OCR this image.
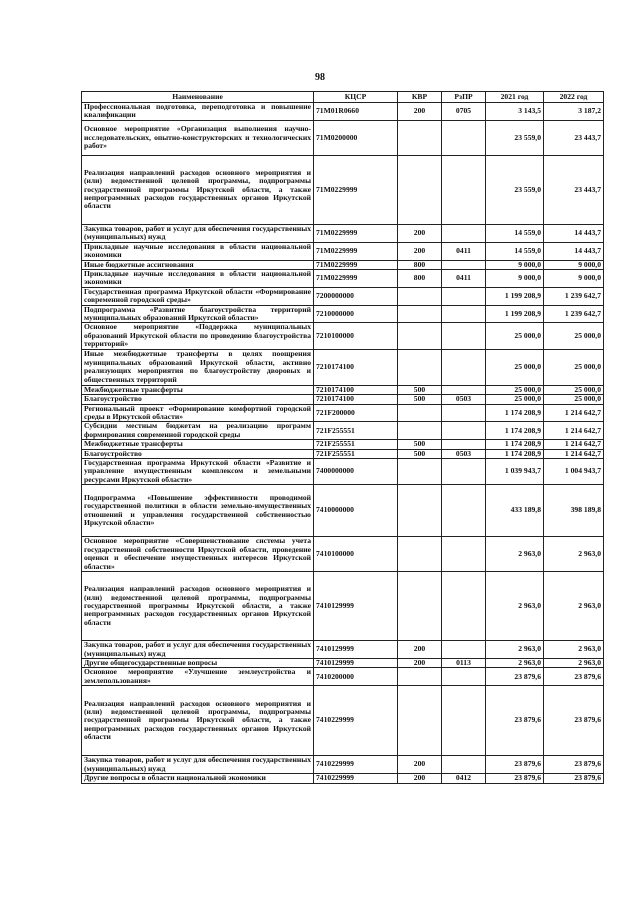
98
Наименование	КЦСР	КВР	РзПР	2021 год	2022 год
Профессиональная подготовка, переподготовка и повышение квалификации	71M01R0660	200	0705	3 143,5	3 187,2
Основное мероприятие «Организация выполнения научно-исследовательских, опытно-конструкторских и технологических работ»	71M0200000			23 559,0	23 443,7
Реализация направлений расходов основного мероприятия и (или) ведомственной целевой программы, подпрограммы государственной программы Иркутской области, а также непрограммных расходов государственных органов Иркутской области	71M0229999			23 559,0	23 443,7
Закупка товаров, работ и услуг для обеспечения государственных (муниципальных) нужд	71M0229999	200		14 559,0	14 443,7
Прикладные научные исследования в области национальной экономики	71M0229999	200	0411	14 559,0	14 443,7
Иные бюджетные ассигнования	71M0229999	800		9 000,0	9 000,0
Прикладные научные исследования в области национальной экономики	71M0229999	800	0411	9 000,0	9 000,0
Государственная программа Иркутской области «Формирование современной городской среды»	7200000000			1 199 208,9	1 239 642,7
Подпрограмма «Развитие благоустройства территорий муниципальных образований Иркутской области»	7210000000			1 199 208,9	1 239 642,7
Основное мероприятие «Поддержка муниципальных образований Иркутской области по проведению благоустройства территорий»	7210100000			25 000,0	25 000,0
Иные межбюджетные трансферты в целях поощрения муниципальных образований Иркутской области, активно реализующих мероприятия по благоустройству дворовых и общественных территорий	7210174100			25 000,0	25 000,0
Межбюджетные трансферты	7210174100	500		25 000,0	25 000,0
Благоустройство	7210174100	500	0503	25 000,0	25 000,0
Региональный проект «Формирование комфортной городской среды в Иркутской области»	721F200000			1 174 208,9	1 214 642,7
Субсидии местным бюджетам на реализацию программ формирования современной городской среды	721F255551			1 174 208,9	1 214 642,7
Межбюджетные трансферты	721F255551	500		1 174 208,9	1 214 642,7
Благоустройство	721F255551	500	0503	1 174 208,9	1 214 642,7
Государственная программа Иркутской области «Развитие и управление имущественным комплексом и земельными ресурсами Иркутской области»	7400000000			1 039 943,7	1 004 943,7
Подпрограмма «Повышение эффективности проводимой государственной политики в области земельно-имущественных отношений и управления государственной собственностью Иркутской области»	7410000000			433 189,8	398 189,8
Основное мероприятие «Совершенствование системы учета государственной собственности Иркутской области, проведение оценки и обеспечение имущественных интересов Иркутской области»	7410100000			2 963,0	2 963,0
Реализация направлений расходов основного мероприятия и (или) ведомственной целевой программы, подпрограммы государственной программы Иркутской области, а также непрограммных расходов государственных органов Иркутской области	7410129999			2 963,0	2 963,0
Закупка товаров, работ и услуг для обеспечения государственных (муниципальных) нужд	7410129999	200		2 963,0	2 963,0
Другие общегосударственные вопросы	7410129999	200	0113	2 963,0	2 963,0
Основное мероприятие «Улучшение землеустройства и землепользования»	7410200000			23 879,6	23 879,6
Реализация направлений расходов основного мероприятия и (или) ведомственной целевой программы, подпрограммы государственной программы Иркутской области, а также непрограммных расходов государственных органов Иркутской области	7410229999			23 879,6	23 879,6
Закупка товаров, работ и услуг для обеспечения государственных (муниципальных) нужд	7410229999	200		23 879,6	23 879,6
Другие вопросы в области национальной экономики	7410229999	200	0412	23 879,6	23 879,6
